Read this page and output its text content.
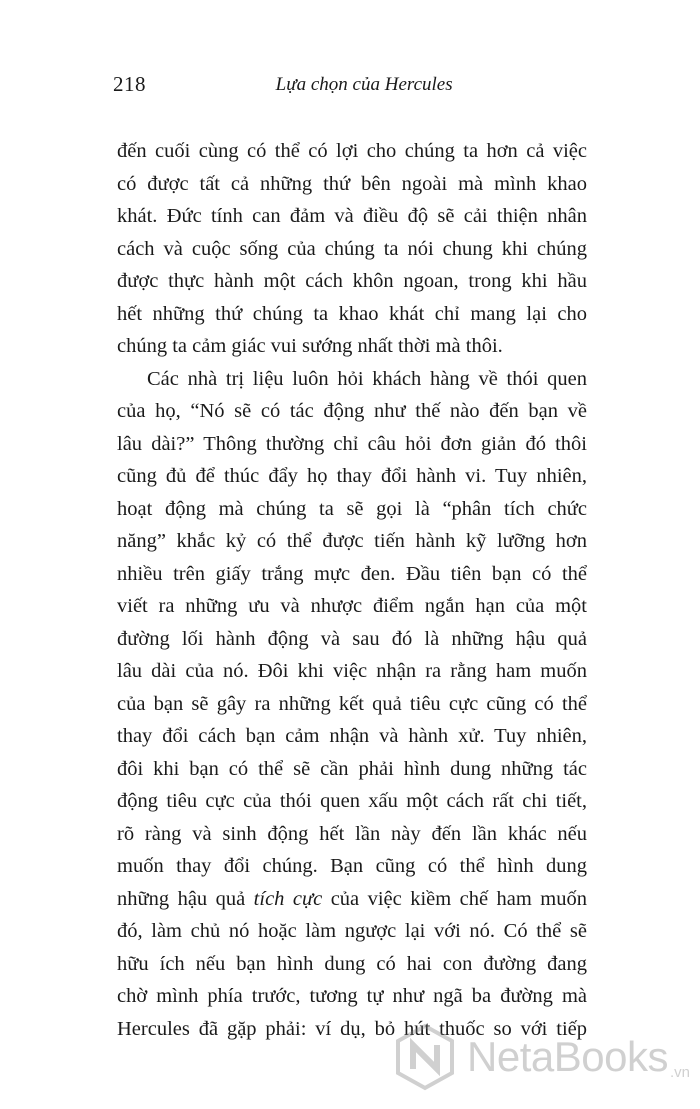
218	Lựa chọn của Hercules
đến cuối cùng có thể có lợi cho chúng ta hơn cả việc
có được tất cả những thứ bên ngoài mà mình khao
khát. Đức tính can đảm và điều độ sẽ cải thiện nhân
cách và cuộc sống của chúng ta nói chung khi chúng
được thực hành một cách khôn ngoan, trong khi hầu
hết những thứ chúng ta khao khát chỉ mang lại cho
chúng ta cảm giác vui sướng nhất thời mà thôi.
Các nhà trị liệu luôn hỏi khách hàng về thói quen
của họ, “Nó sẽ có tác động như thế nào đến bạn về
lâu dài?” Thông thường chỉ câu hỏi đơn giản đó thôi
cũng đủ để thúc đẩy họ thay đổi hành vi. Tuy nhiên,
hoạt động mà chúng ta sẽ gọi là “phân tích chức
năng” khắc kỷ có thể được tiến hành kỹ lưỡng hơn
nhiều trên giấy trắng mực đen. Đầu tiên bạn có thể
viết ra những ưu và nhược điểm ngắn hạn của một
đường lối hành động và sau đó là những hậu quả
lâu dài của nó. Đôi khi việc nhận ra rằng ham muốn
của bạn sẽ gây ra những kết quả tiêu cực cũng có thể
thay đổi cách bạn cảm nhận và hành xử. Tuy nhiên,
đôi khi bạn có thể sẽ cần phải hình dung những tác
động tiêu cực của thói quen xấu một cách rất chi tiết,
rõ ràng và sinh động hết lần này đến lần khác nếu
muốn thay đổi chúng. Bạn cũng có thể hình dung
những hậu quả tích cực của việc kiềm chế ham muốn
đó, làm chủ nó hoặc làm ngược lại với nó. Có thể sẽ
hữu ích nếu bạn hình dung có hai con đường đang
chờ mình phía trước, tương tự như ngã ba đường mà
Hercules đã gặp phải: ví dụ, bỏ hút thuốc so với tiếp
NetaBooks .vn
